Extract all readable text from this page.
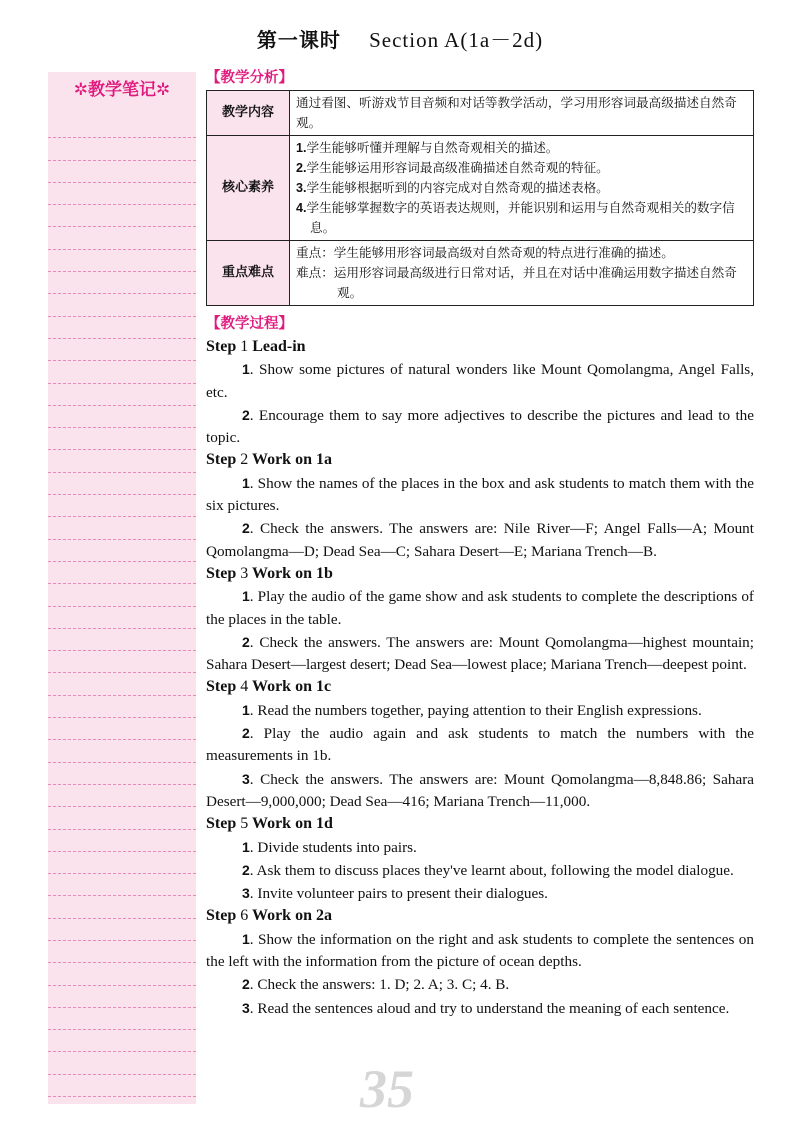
第一课时 Section A(1a－2d)
✲教学笔记✲
【教学分析】
教学内容	通过看图、听游戏节目音频和对话等教学活动，学习用形容词最高级描述自然奇观。
核心素养	1.学生能够听懂并理解与自然奇观相关的描述。
2.学生能够运用形容词最高级准确描述自然奇观的特征。
3.学生能够根据听到的内容完成对自然奇观的描述表格。
4.学生能够掌握数字的英语表达规则，并能识别和运用与自然奇观相关的数字信息。

重点难点	重点：学生能够用形容词最高级对自然奇观的特点进行准确的描述。
难点：运用形容词最高级进行日常对话，并且在对话中准确运用数字描述自然奇观。
【教学过程】
Step 1 Lead-in
1. Show some pictures of natural wonders like Mount Qomolangma, Angel Falls, etc.
2. Encourage them to say more adjectives to describe the pictures and lead to the topic.
Step 2 Work on 1a
1. Show the names of the places in the box and ask students to match them with the six pictures.
2. Check the answers. The answers are: Nile River—F; Angel Falls—A; Mount Qomolangma—D; Dead Sea—C; Sahara Desert—E; Mariana Trench—B.
Step 3 Work on 1b
1. Play the audio of the game show and ask students to complete the descriptions of the places in the table.
2. Check the answers. The answers are: Mount Qomolangma—highest mountain; Sahara Desert—largest desert; Dead Sea—lowest place; Mariana Trench—deepest point.
Step 4 Work on 1c
1. Read the numbers together, paying attention to their English expressions.
2. Play the audio again and ask students to match the numbers with the measurements in 1b.
3. Check the answers. The answers are: Mount Qomolangma—8,848.86; Sahara Desert—9,000,000; Dead Sea—416; Mariana Trench—11,000.
Step 5 Work on 1d
1. Divide students into pairs.
2. Ask them to discuss places they've learnt about, following the model dialogue.
3. Invite volunteer pairs to present their dialogues.
Step 6 Work on 2a
1. Show the information on the right and ask students to complete the sentences on the left with the information from the picture of ocean depths.
2. Check the answers: 1. D; 2. A; 3. C; 4. B.
3. Read the sentences aloud and try to understand the meaning of each sentence.
35
